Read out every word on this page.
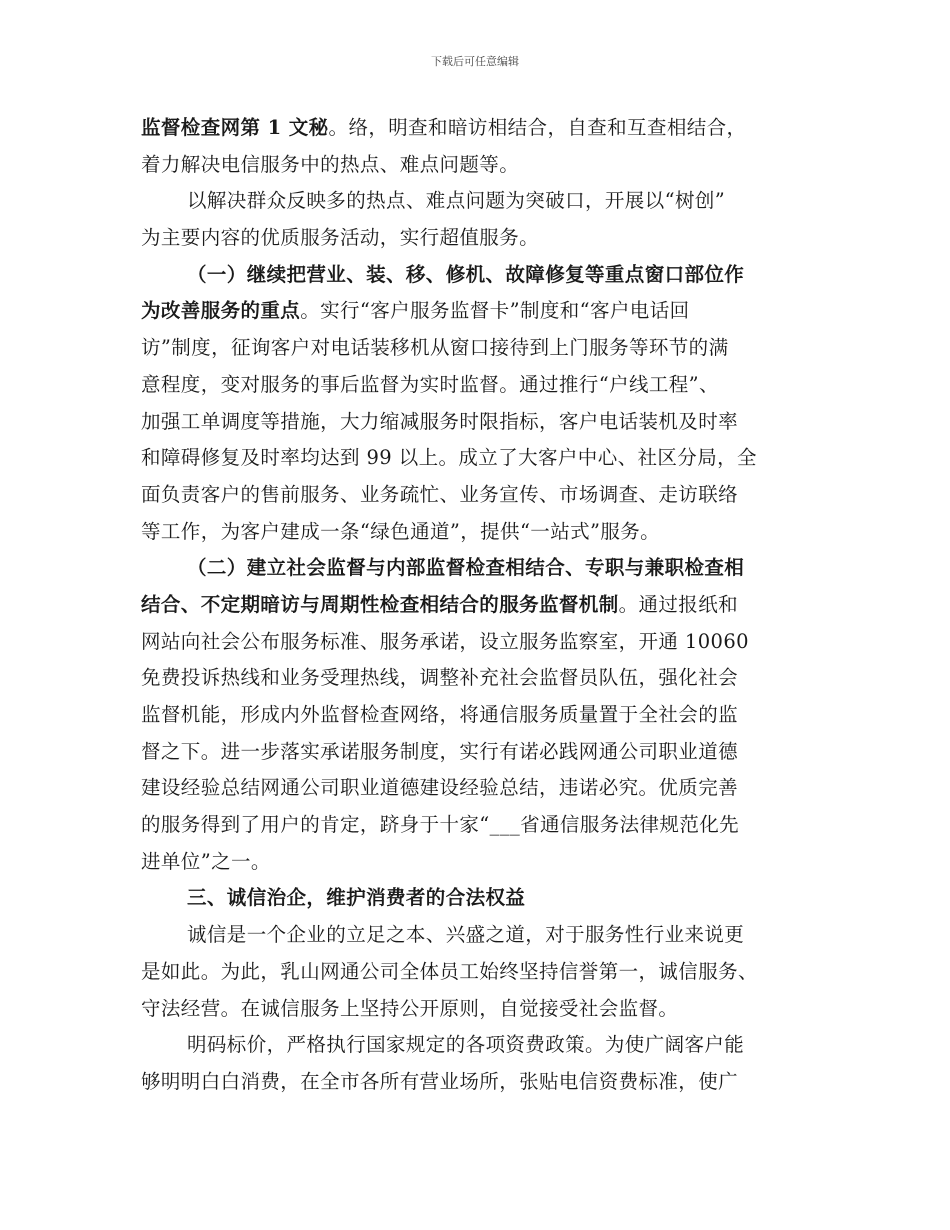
下载后可任意编辑
监督检查网第 1 文秘。络，明查和暗访相结合，自查和互查相结合，
着力解决电信服务中的热点、难点问题等。
以解决群众反映多的热点、难点问题为突破口，开展以“树创”
为主要内容的优质服务活动，实行超值服务。
（一）继续把营业、装、移、修机、故障修复等重点窗口部位作
为改善服务的重点。实行“客户服务监督卡”制度和“客户电话回
访”制度，征询客户对电话装移机从窗口接待到上门服务等环节的满
意程度，变对服务的事后监督为实时监督。通过推行“户线工程”、
加强工单调度等措施，大力缩减服务时限指标，客户电话装机及时率
和障碍修复及时率均达到 99 以上。成立了大客户中心、社区分局，全
面负责客户的售前服务、业务疏忙、业务宣传、市场调查、走访联络
等工作，为客户建成一条“绿色通道”，提供“一站式”服务。
（二）建立社会监督与内部监督检查相结合、专职与兼职检查相
结合、不定期暗访与周期性检查相结合的服务监督机制。通过报纸和
网站向社会公布服务标准、服务承诺，设立服务监察室，开通 10060
免费投诉热线和业务受理热线，调整补充社会监督员队伍，强化社会
监督机能，形成内外监督检查网络，将通信服务质量置于全社会的监
督之下。进一步落实承诺服务制度，实行有诺必践网通公司职业道德
建设经验总结网通公司职业道德建设经验总结，违诺必究。优质完善
的服务得到了用户的肯定，跻身于十家“___省通信服务法律规范化先
进单位”之一。
三、诚信治企，维护消费者的合法权益
诚信是一个企业的立足之本、兴盛之道，对于服务性行业来说更
是如此。为此，乳山网通公司全体员工始终坚持信誉第一，诚信服务、
守法经营。在诚信服务上坚持公开原则，自觉接受社会监督。
明码标价，严格执行国家规定的各项资费政策。为使广阔客户能
够明明白白消费，在全市各所有营业场所，张贴电信资费标准，使广
